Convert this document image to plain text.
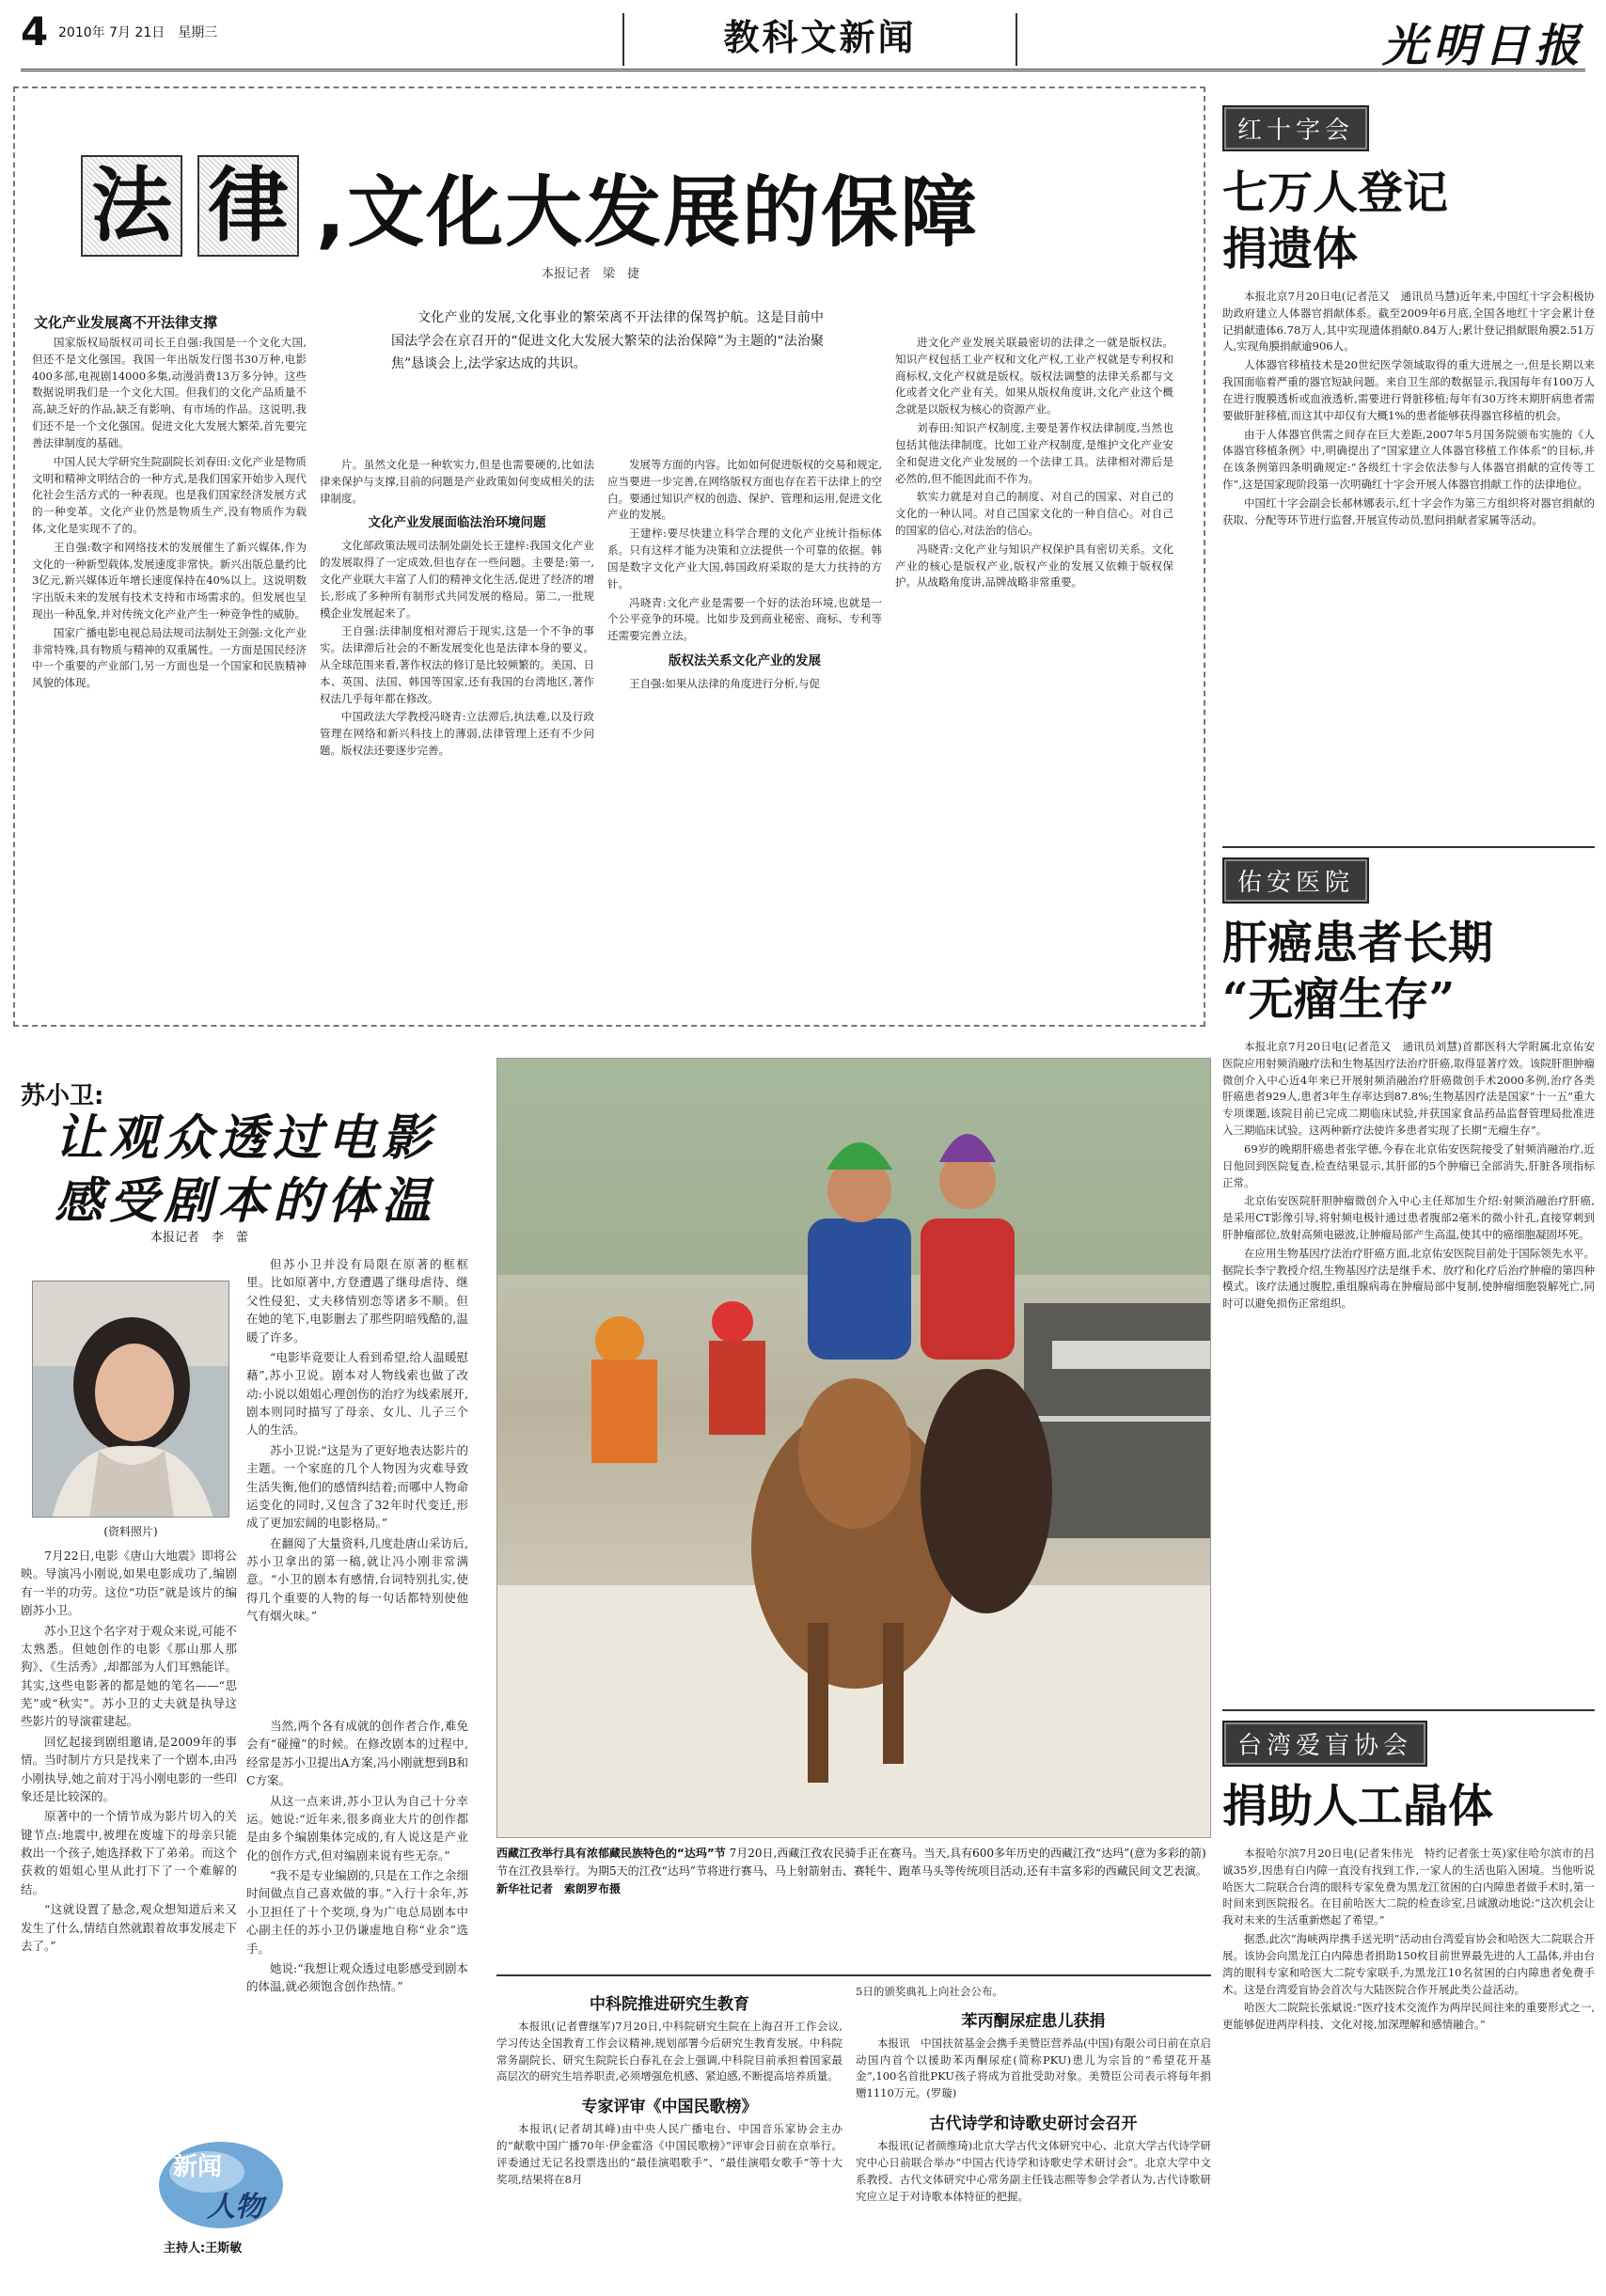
4 2010年 7月 21日　星期三	教科文新闻	光明日报
法 律 ,文化大发展的保障
本报记者　梁　捷
文化产业发展离不开法律支撑	文化产业的发展,文化事业的繁荣离不开法律的保驾护航。这是目前中国法学会在京召开的“促进文化大发展大繁荣的法治保障”为主题的“法治聚焦”恳谈会上,法学家达成的共识。

国家版权局版权司司长王自强:我国是一个文化大国,但还不是文化强国。我国一年出版发行图书30万种,电影400多部,电视剧14000多集,动漫消费13万多分钟。这些数据说明我们是一个文化大国。但我们的文化产品质量不高,缺乏好的作品,缺乏有影响、有市场的作品。这说明,我们还不是一个文化强国。促进文化大发展大繁荣,首先要完善法律制度的基础。

中国人民大学研究生院副院长刘春田:文化产业是物质文明和精神文明结合的一种方式,是我们国家开始步入现代化社会生活方式的一种表现。也是我们国家经济发展方式的一种变革。文化产业仍然是物质生产,没有物质作为载体,文化是实现不了的。

王自强:数字和网络技术的发展催生了新兴媒体,作为文化的一种新型载体,发展速度非常快。新兴出版总量约比3亿元,新兴媒体近年增长速度保持在40%以上。这说明数字出版未来的发展有技术支持和市场需求的。但发展也呈现出一种乱象,并对传统文化产业产生一种竞争性的威胁。

国家广播电影电视总局法规司法制处王剑强:文化产业非常特殊,具有物质与精神的双重属性。一方面是国民经济中一个重要的产业部门,另一方面也是一个国家和民族精神风貌的体现。

片。虽然文化是一种软实力,但是也需要硬的,比如法律来保护与支撑,目前的问题是产业政策如何变成相关的法律制度。

文化产业发展面临法治环境问题

文化部政策法规司法制处副处长王建梓:我国文化产业的发展取得了一定成效,但也存在一些问题。主要是:第一,文化产业联大丰富了人们的精神文化生活,促进了经济的增长,形成了多种所有制形式共同发展的格局。第二,一批规模企业发展起来了。

王自强:法律制度相对滞后于现实,这是一个不争的事实。法律滞后社会的不断发展变化也是法律本身的要义。从全球范围来看,著作权法的修订是比较频繁的。美国、日本、英国、法国、韩国等国家,还有我国的台湾地区,著作权法几乎每年都在修改。

中国政法大学教授冯晓青:立法滞后,执法难,以及行政管理在网络和新兴科技上的薄弱,法律管理上还有不少问题。版权法还要逐步完善。

发展等方面的内容。比如如何促进版权的交易和规定,应当要进一步完善,在网络版权方面也存在若干法律上的空白。要通过知识产权的创造、保护、管理和运用,促进文化产业的发展。

王建梓:要尽快建立科学合理的文化产业统计指标体系。只有这样才能为决策和立法提供一个可靠的依据。韩国是数字文化产业大国,韩国政府采取的是大力扶持的方针。

冯晓青:文化产业是需要一个好的法治环境,也就是一个公平竞争的环境。比如步及到商业秘密、商标、专利等还需要完善立法。

版权法关系文化产业的发展

王自强:如果从法律的角度进行分析,与促

进文化产业发展关联最密切的法律之一就是版权法。知识产权包括工业产权和文化产权,工业产权就是专利权和商标权,文化产权就是版权。版权法调整的法律关系都与文化或者文化产业有关。如果从版权角度讲,文化产业这个概念就是以版权为核心的资源产业。

刘春田:知识产权制度,主要是著作权法律制度,当然也包括其他法律制度。比如工业产权制度,是维护文化产业安全和促进文化产业发展的一个法律工具。法律相对滞后是必然的,但不能因此而不作为。

软实力就是对自己的制度、对自己的国家、对自己的文化的一种认同。对自己国家文化的一种自信心。对自己的国家的信心,对法治的信心。

冯晓青:文化产业与知识产权保护具有密切关系。文化产业的核心是版权产业,版权产业的发展又依赖于版权保护。从战略角度讲,品牌战略非常重要。

红十字会
七万人登记
捐遗体

本报北京7月20日电(记者范又　通讯员马慧)近年来,中国红十字会积极协助政府建立人体器官捐献体系。截至2009年6月底,全国各地红十字会累计登记捐献遗体6.78万人,其中实现遗体捐献0.84万人;累计登记捐献眼角膜2.51万人,实现角膜捐献逾906人。

人体器官移植技术是20世纪医学领域取得的重大进展之一,但是长期以来我国面临着严重的器官短缺问题。来自卫生部的数据显示,我国每年有100万人在进行腹膜透析或血液透析,需要进行肾脏移植;每年有30万终末期肝病患者需要做肝脏移植,而这其中却仅有大概1%的患者能够获得器官移植的机会。

由于人体器官供需之间存在巨大差距,2007年5月国务院颁布实施的《人体器官移植条例》中,明确提出了“国家建立人体器官移植工作体系”的目标,并在该条例第四条明确规定:“各级红十字会依法参与人体器官捐献的宣传等工作”,这是国家现阶段第一次明确红十字会开展人体器官捐献工作的法律地位。

中国红十字会副会长郝林娜表示,红十字会作为第三方组织将对器官捐献的获取、分配等环节进行监督,开展宣传动员,慰问捐献者家属等活动。

佑安医院
肝癌患者长期
“无瘤生存”

本报北京7月20日电(记者范又　通讯员刘慧)首都医科大学附属北京佑安医院应用射频消融疗法和生物基因疗法治疗肝癌,取得显著疗效。该院肝胆肿瘤微创介入中心近4年来已开展射频消融治疗肝癌微创手术2000多例,治疗各类肝癌患者929人,患者3年生存率达到87.8%;生物基因疗法是国家“十一五”重大专项课题,该院目前已完成二期临床试验,并获国家食品药品监督管理局批准进入三期临床试验。这两种新疗法使许多患者实现了长期“无瘤生存”。

69岁的晚期肝癌患者张学德,今春在北京佑安医院接受了射频消融治疗,近日他回到医院复查,检查结果显示,其肝部的5个肿瘤已全部消失,肝脏各项指标正常。

北京佑安医院肝胆肿瘤微创介入中心主任郑加生介绍:射频消融治疗肝癌,是采用CT影像引导,将射频电极针通过患者腹部2毫米的微小针孔,直接穿刺到肝肿瘤部位,放射高频电磁波,让肿瘤局部产生高温,使其中的癌细胞凝固坏死。

在应用生物基因疗法治疗肝癌方面,北京佑安医院目前处于国际领先水平。据院长李宁教授介绍,生物基因疗法是继手术、放疗和化疗后治疗肿瘤的第四种模式。该疗法通过腹腔,重组腺病毒在肿瘤局部中复制,使肿瘤细胞裂解死亡,同时可以避免损伤正常组织。

台湾爱盲协会
捐助人工晶体

本报哈尔滨7月20日电(记者朱伟光　特约记者张士英)家住哈尔滨市的吕诚35岁,因患有白内障一直没有找到工作,一家人的生活也陷入困境。当他听说哈医大二院联合台湾的眼科专家免费为黑龙江贫困的白内障患者做手术时,第一时间来到医院报名。在目前哈医大二院的检查诊室,吕诚激动地说:“这次机会让我对未来的生活重新燃起了希望。”

据悉,此次“海峡两岸携手送光明”活动由台湾爱盲协会和哈医大二院联合开展。该协会向黑龙江白内障患者捐助150枚目前世界最先进的人工晶体,并由台湾的眼科专家和哈医大二院专家联手,为黑龙江10名贫困的白内障患者免费手术。这是台湾爱盲协会首次与大陆医院合作开展此类公益活动。

哈医大二院院长张斌说:“医疗技术交流作为两岸民间往来的重要形式之一,更能够促进两岸科技、文化对接,加深理解和感情融合。”

苏小卫:
让观众透过电影
感受剧本的体温
本报记者　李　蕾
(资料照片)

7月22日,电影《唐山大地震》即将公映。导演冯小刚说,如果电影成功了,编剧有一半的功劳。这位“功臣”就是该片的编剧苏小卫。

苏小卫这个名字对于观众来说,可能不太熟悉。但她创作的电影《那山那人那狗》、《生活秀》,却都部为人们耳熟能详。其实,这些电影著的都是她的笔名——“思芜”或“秋实”。苏小卫的丈夫就是执导这些影片的导演霍建起。

回忆起接到剧组邀请,是2009年的事情。当时制片方只是找来了一个剧本,由冯小刚执导,她之前对于冯小刚电影的一些印象还是比较深的。

原著中的一个情节成为影片切入的关键节点:地震中,被埋在废墟下的母亲只能救出一个孩子,她选择救下了弟弟。而这个获救的姐姐心里从此打下了一个难解的结。

“这就设置了悬念,观众想知道后来又发生了什么,情结自然就跟着故事发展走下去了。”

但苏小卫并没有局限在原著的框框里。比如原著中,方登遭遇了继母虐待、继父性侵犯、丈夫移情别恋等诸多不顺。但在她的笔下,电影删去了那些阴暗残酷的,温暖了许多。

“电影毕竟要让人看到希望,给人温暖慰藉”,苏小卫说。剧本对人物线索也做了改动:小说以姐姐心理创伤的治疗为线索展开,剧本则同时描写了母亲、女儿、儿子三个人的生活。

苏小卫说:“这是为了更好地表达影片的主题。一个家庭的几个人物因为灾难导致生活失衡,他们的感情纠结着;而哪中人物命运变化的同时,又包含了32年时代变迁,形成了更加宏阔的电影格局。”

在翻阅了大量资料,几度赴唐山采访后,苏小卫拿出的第一稿,就让冯小刚非常满意。“小卫的剧本有感情,台词特别扎实,使得几个重要的人物的每一句话都特别使他气有烟火味。”

当然,两个各有成就的创作者合作,难免会有“碰撞”的时候。在修改剧本的过程中,经常是苏小卫提出A方案,冯小刚就想到B和C方案。

从这一点来讲,苏小卫认为自己十分幸运。她说:“近年来,很多商业大片的创作都是由多个编剧集体完成的,有人说这是产业化的创作方式,但对编剧来说有些无奈。”

“我不是专业编剧的,只是在工作之余细时间做点自己喜欢做的事。”入行十余年,苏小卫担任了十个奖项,身为广电总局剧本中心副主任的苏小卫仍谦虚地自称“业余”选手。

她说:“我想让观众透过电影感受到剧本的体温,就必须饱含创作热情。”

新闻
人物
主持人:王斯敏
西藏江孜举行具有浓郁藏民族特色的“达玛”节 7月20日,西藏江孜农民骑手正在赛马。当天,具有600多年历史的西藏江孜“达玛”(意为多彩的箭)节在江孜县举行。为期5天的江孜“达玛”节将进行赛马、马上射箭射击、赛牦牛、跑革马头等传统项目活动,还有丰富多彩的西藏民间文艺表演。 新华社记者　索朗罗布摄
中科院推进研究生教育
本报讯(记者曹继军)7月20日,中科院研究生院在上海召开工作会议,学习传达全国教育工作会议精神,规划部署今后研究生教育发展。中科院常务副院长、研究生院院长白春礼在会上强调,中科院目前承担着国家最高层次的研究生培养职责,必须增强危机感、紧迫感,不断提高培养质量。
专家评审《中国民歌榜》
本报讯(记者胡其峰)由中央人民广播电台、中国音乐家协会主办的“献歌中国广播70年·伊金霍洛《中国民歌榜》”评审会日前在京举行。评委通过无记名投票选出的“最佳演唱歌手”、“最佳演唱女歌手”等十大奖项,结果将在8月
5日的颁奖典礼上向社会公布。
苯丙酮尿症患儿获捐
本报讯　中国扶贫基金会携手美赞臣营养品(中国)有限公司日前在京启动国内首个以援助苯丙酮尿症(简称PKU)患儿为宗旨的“希望花开基金”,100名首批PKU孩子将成为首批受助对象。美赞臣公司表示将每年捐赠1110万元。(罗璇)
古代诗学和诗歌史研讨会召开
本报讯(记者颜维琦)北京大学古代文体研究中心、北京大学古代诗学研究中心日前联合举办“中国古代诗学和诗歌史学术研讨会”。北京大学中文系教授、古代文体研究中心常务副主任钱志熙等参会学者认为,古代诗歌研究应立足于对诗歌本体特征的把握。
